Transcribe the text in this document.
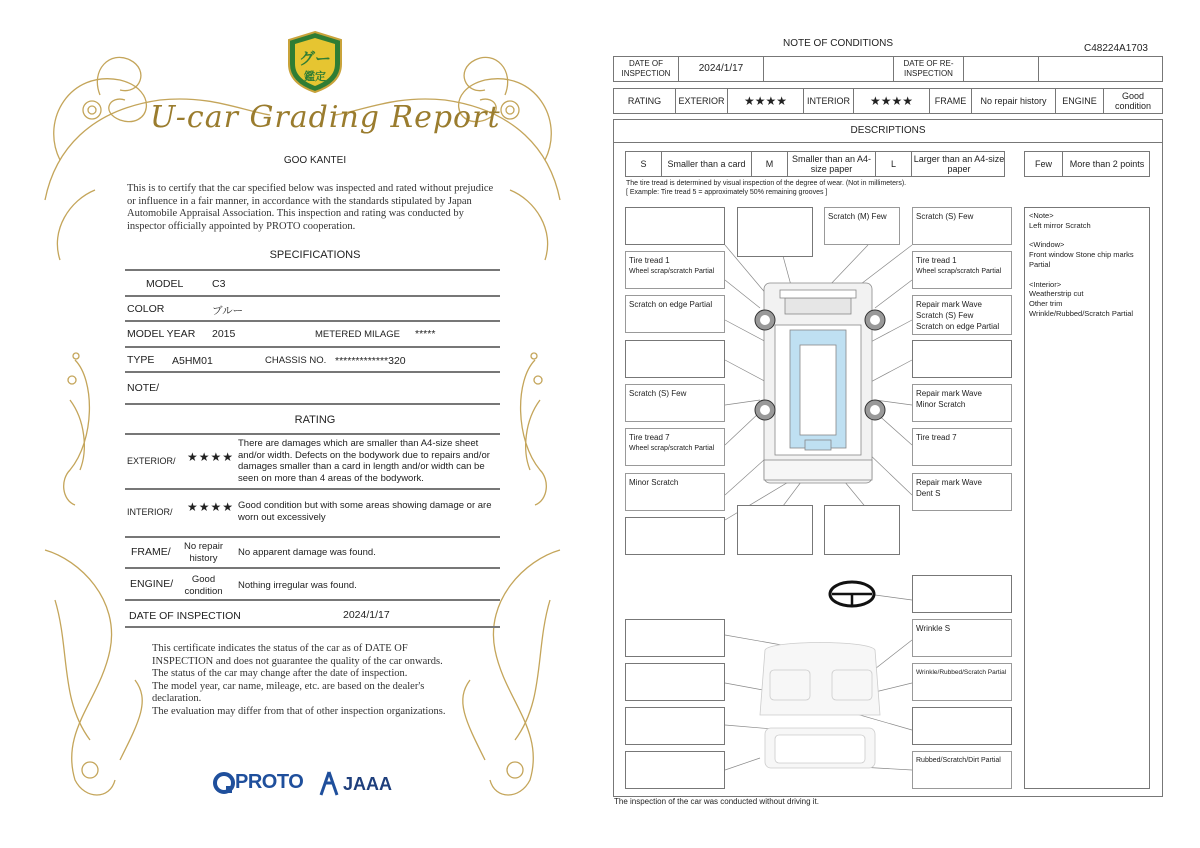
グー
鑑定
U-car Grading Report
GOO KANTEI
This is to certify that the car specified below was inspected and rated without prejudice or influence in a fair manner, in accordance with the standards stipulated by Japan Automobile Appraisal Association. This inspection and rating was conducted by inspector officially appointed by PROTO cooperation.
SPECIFICATIONS
MODEL	C3
COLOR	ブルー
MODEL YEAR 2015	METERED MILAGE *****
TYPE A5HM01	CHASSIS NO. *************320
NOTE/
RATING
EXTERIOR/ ★★★★
There are damages which are smaller than A4-size sheet and/or width. Defects on the bodywork due to repairs and/or damages smaller than a card in length and/or width can be seen on more than 4 areas of the bodywork.
INTERIOR/ ★★★★ Good condition but with some areas showing damage or are worn out excessively
FRAME/	No repair history	No apparent damage was found.
ENGINE/	Good condition	Nothing irregular was found.
DATE OF INSPECTION	2024/1/17
This certificate indicates the status of the car as of DATE OF INSPECTION and does not guarantee the quality of the car onwards.
The status of the car may change after the date of inspection.
The model year, car name, mileage, etc. are based on the dealer's declaration.
The evaluation may differ from that of other inspection organizations.
PROTO JAAA
NOTE OF CONDITIONS	C48224A1703
DATE OF INSPECTION	2024/1/17	DATE OF RE-INSPECTION
RATING	EXTERIOR	★★★★	INTERIOR	★★★★	FRAME	No repair history	ENGINE	Good condition
DESCRIPTIONS
S	Smaller than a card	M	Smaller than an A4-size paper	L	Larger than an A4-size paper	Few	More than 2 points
The tire tread is determined by visual inspection of the degree of wear. (Not in millimeters).
[ Example: Tire tread 5 = approximately 50% remaining grooves ]
Scratch (M) Few	Scratch (S) Few
Tire tread 1
Wheel scrap/scratch Partial
Tire tread 1
Wheel scrap/scratch Partial
Scratch on edge Partial	Repair mark Wave
Scratch (S) Few
Scratch on edge Partial
Scratch (S) Few	Repair mark Wave
Minor Scratch
Tire tread 7
Wheel scrap/scratch Partial
Tire tread 7
Minor Scratch	Repair mark Wave
Dent S
Wrinkle S
Wrinkle/Rubbed/Scratch Partial
Rubbed/Scratch/Dirt Partial
<Note>
Left mirror Scratch

<Window>
Front window Stone chip marks Partial

<Interior>
Weatherstrip cut
Other trim
Wrinkle/Rubbed/Scratch Partial
The inspection of the car was conducted without driving it.
